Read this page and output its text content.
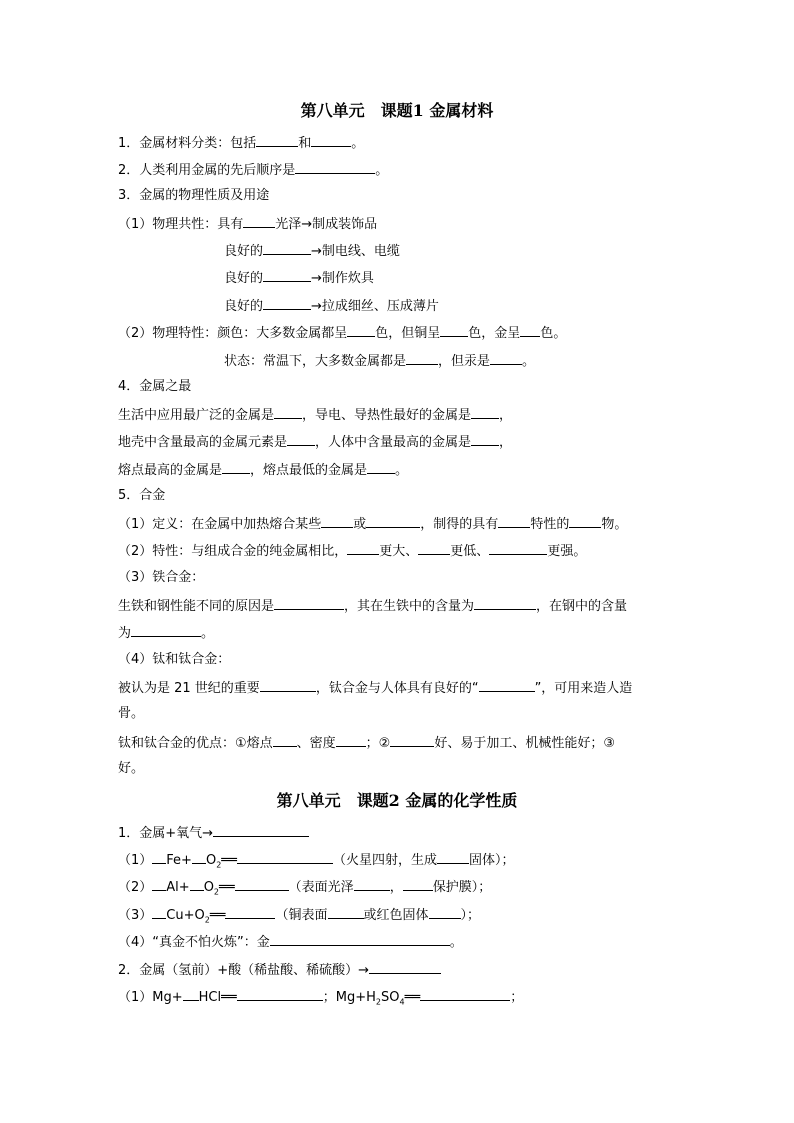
第八单元　课题1 金属材料
1．金属材料分类：包括	和	。
2．人类利用金属的先后顺序是	。
3．金属的物理性质及用途
（1）物理共性：具有 光泽→制成装饰品
良好的	→制电线、电缆
良好的	→制作炊具
良好的	→拉成细丝、压成薄片
（2）物理特性：颜色：大多数金属都呈 色，但铜呈 色，金呈 色。
状态：常温下，大多数金属都是 ，但汞是 。
4．金属之最
生活中应用最广泛的金属是 ，导电、导热性最好的金属是 ，
地壳中含量最高的金属元素是 ，人体中含量最高的金属是 ，
熔点最高的金属是 ，熔点最低的金属是 。
5．合金
（1）定义：在金属中加热熔合某些 或	，制得的具有 特性的 物。
（2）特性：与组成合金的纯金属相比， 更大、 更低、	更强。
（3）铁合金：
生铁和钢性能不同的原因是	，其在生铁中的含量为	，在钢中的含量
为	。
（4）钛和钛合金：
被认为是 21 世纪的重要	，钛合金与人体具有良好的“	”，可用来造人造
骨。
钛和钛合金的优点：①熔点 、密度 ；②	好、易于加工、机械性能好；③
好。
第八单元　课题2 金属的化学性质
1．金属+氧气→
（1） $Fe+ O_2══$	（火星四射，生成 固体）；
（2） $Al+ O_2══$	（表面光泽	， 保护膜）；
（3） $Cu+O_2══$	（铜表面	或红色固体 ）；
（4）“真金不怕火炼”：金	。
2．金属（氢前）+酸（稀盐酸、稀硫酸）→
（1）Mg+ HCl══	；$Mg+H_2SO_4══$	；
